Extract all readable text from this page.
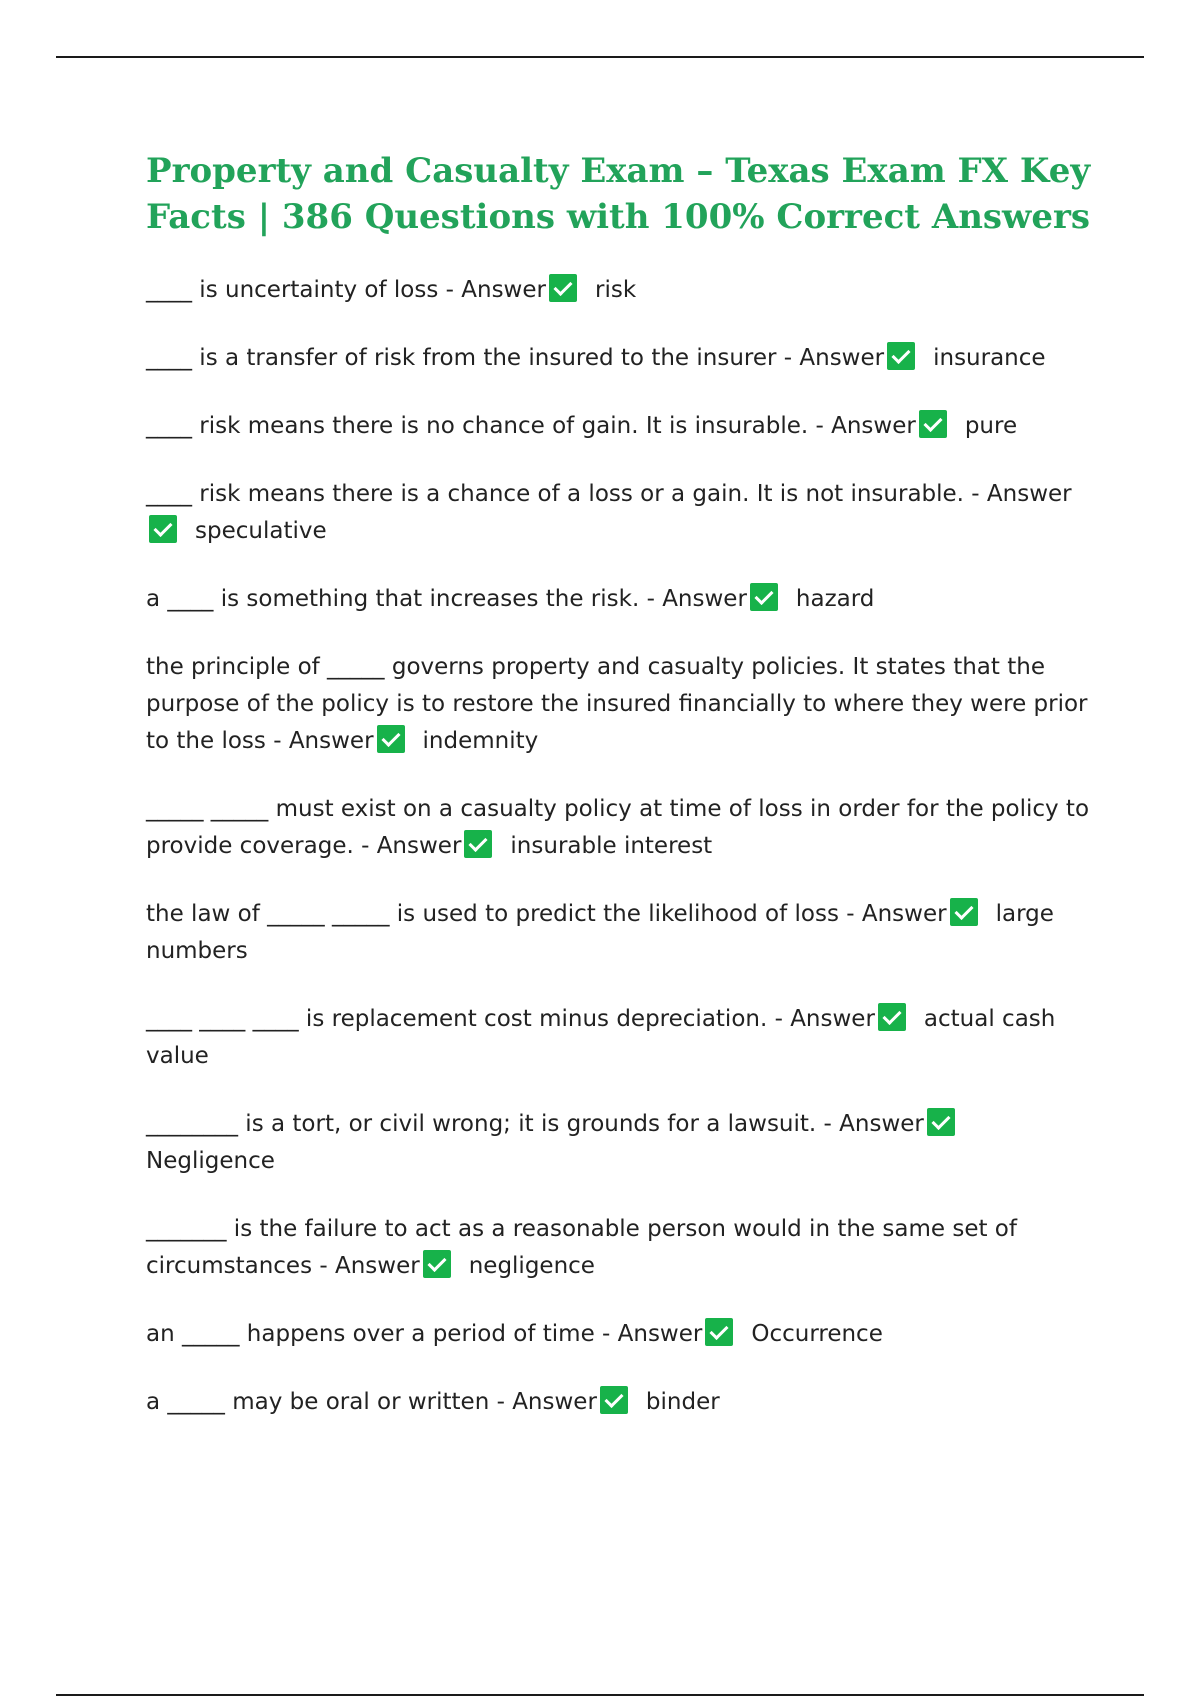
Property and Casualty Exam – Texas Exam FX Key Facts | 386 Questions with 100% Correct Answers

____ is uncertainty of loss - Answer risk

____ is a transfer of risk from the insured to the insurer - Answer insurance

____ risk means there is no chance of gain. It is insurable. - Answer pure

____ risk means there is a chance of a loss or a gain. It is not insurable. - Answerspeculative

a ____ is something that increases the risk. - Answer hazard

the principle of _____ governs property and casualty policies. It states that the purpose of the policy is to restore the insured financially to where they were prior to the loss - Answer indemnity

_____ _____ must exist on a casualty policy at time of loss in order for the policy to provide coverage. - Answer insurable interest

the law of _____ _____ is used to predict the likelihood of loss - Answer large numbers

____ ____ ____ is replacement cost minus depreciation. - Answer actual cash value

________ is a tort, or civil wrong; it is grounds for a lawsuit. - AnswerNegligence

_______ is the failure to act as a reasonable person would in the same set of circumstances - Answer negligence

an _____ happens over a period of time - Answer Occurrence

a _____ may be oral or written - Answer binder
